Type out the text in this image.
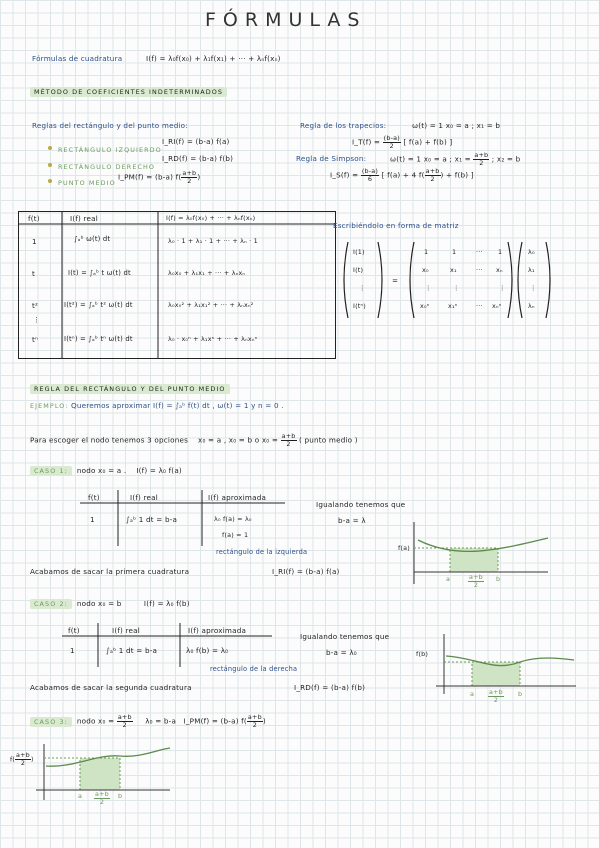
FÓRMULAS
Fórmulas de cuadratura	I(f) = λ₀f(x₀) + λ₁f(x₁) + ··· + λₙf(xₙ)
MÉTODO DE COEFICIENTES INDETERMINADOS
Reglas del rectángulo y del punto medio:
RECTÁNGULO IZQUIERDO
I_RI(f) = (b-a) f(a)
RECTÁNGULO DERECHO
I_RD(f) = (b-a) f(b)
PUNTO MEDIO
I_PM(f) = (b-a) $f( \frac{a+b}{2}$ )
Regla de los trapecios:	ω(t) = 1 x₀ = a ; x₁ = b
I_T(f) = $\frac{(b-a)}{2}$ [ f(a) + f(b) ]
Regla de Simpson:	ω(t) = 1 x₀ = a ; $x_1 = \frac{a+b}{2}$ ; x₂ = b
I_S(f) = $\frac{(b-a)}{6}$ [ f(a) + 4 $f( \frac{a+b}{2}$ ) + f(b) ]
f(t)	I(f) real	I(f) = λ₀f(x₀) + ··· + λₙf(xₙ)
1	∫ₐᵇ ω(t) dt	λ₀ · 1 + λ₁ · 1 + ··· + λₙ · 1
t	I(t) = ∫ₐᵇ t ω(t) dt	λ₀x₀ + λ₁x₁ + ··· + λₙxₙ
t²	I(t²) = ∫ₐᵇ t² ω(t) dt	λ₀x₀² + λ₁x₁² + ··· + λₙxₙ²
⋮
tⁿ	I(tⁿ) = ∫ₐᵇ tⁿ ω(t) dt	λ₀ · x₀ⁿ + λ₁xⁿ + ··· + λₙxₙⁿ
Escribiéndolo en forma de matriz
I(1)
I(t)
⋮
I(tⁿ)
=
1	1	··· 1
x₀	x₁	··· xₙ
⋮	⋮	⋮
x₀ⁿ	x₁ⁿ	··· xₙⁿ
λ₀
λ₁
⋮
λₙ
REGLA DEL RECTÁNGULO Y DEL PUNTO MEDIO
EJEMPLO: Queremos aproximar I(f) = ∫ₐᵇ f(t) dt , ω(t) = 1 y n = 0 .
Para escoger el nodo tenemos 3 opciones x₀ = a , x₀ = b o $x_0 = \frac{a+b}{2}$ ( punto medio )
CASO 1: nodo x₀ = a . I(f) = λ₀ f(a)
f(t)	I(f) real	I(f) aproximada
1	∫ₐᵇ 1 dt = b-a	λ₀ f(a) = λ₀
f(a) = 1
Igualando tenemos que
b-a = λ
rectángulo de la izquierda
Acabamos de sacar la primera cuadratura	I_RI(f) = (b-a) f(a)
f(a)
a	$\frac{a+b}{2}$ b
CASO 2: nodo x₀ = b	I(f) = λ₀ f(b)
f(t)	I(f) real	I(f) aproximada
1	∫ₐᵇ 1 dt = b-a	λ₀ f(b) = λ₀
Igualando tenemos que
b-a = λ₀
rectángulo de la derecha
Acabamos de sacar la segunda cuadratura	I_RD(f) = (b-a) f(b)
f(b)
a $\frac{a+b}{2}$ b
CASO 3: nodo $x_0 = \frac{a+b}{2} \lambda_0 = b-a$ I_PM(f) = (b-a) $f( \frac{a+b}{2}$ )
$f( \frac{a+b}{2}$ )
a $\frac{a+b}{2}$ b
